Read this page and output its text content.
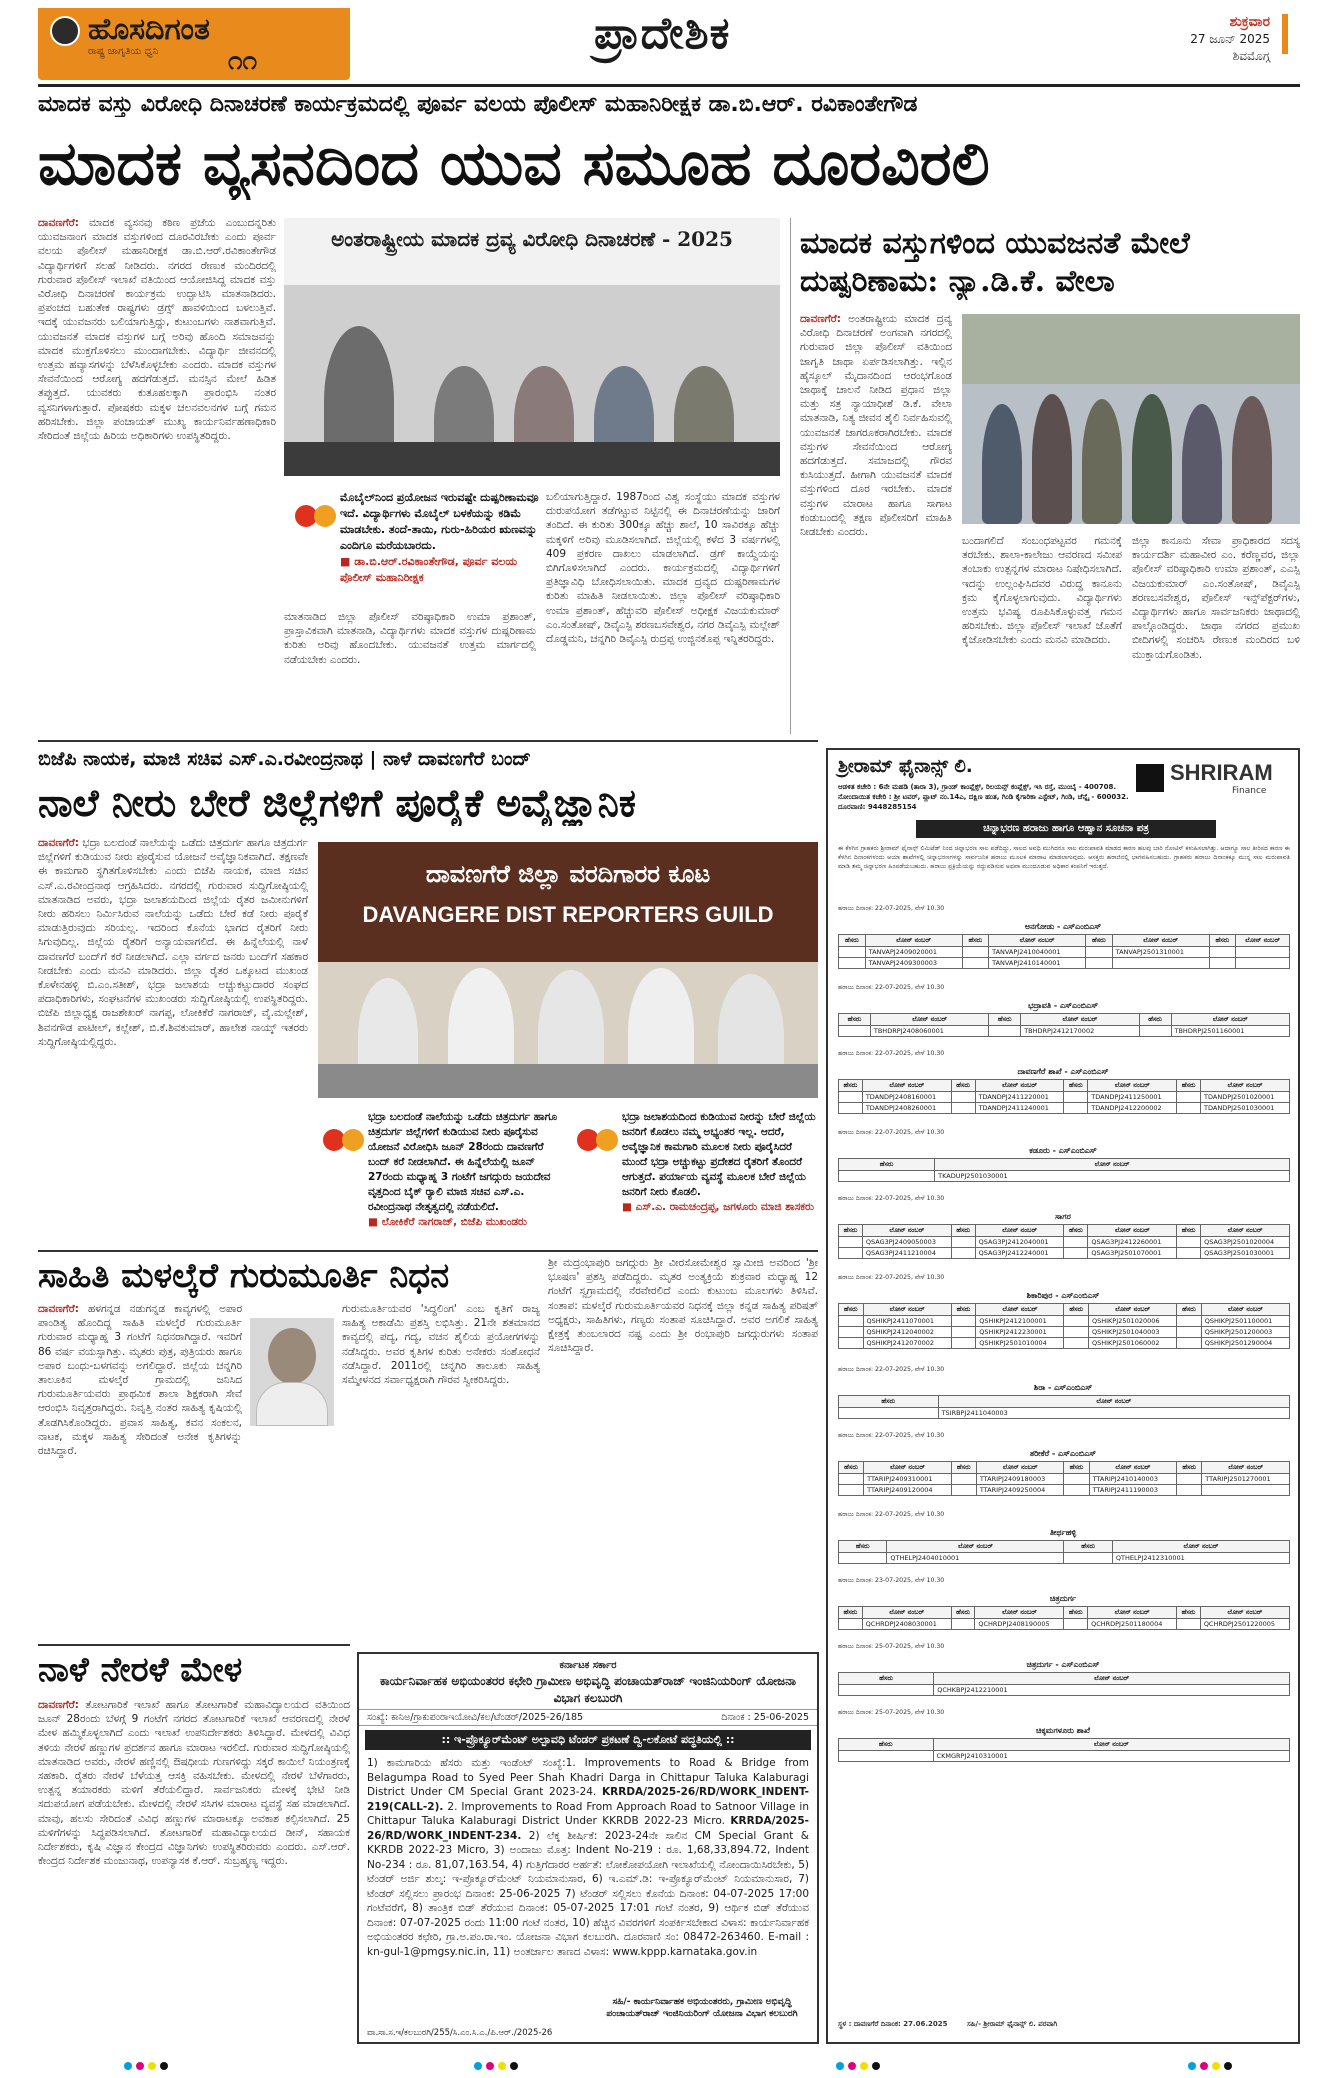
ಹೊಸದಿಗಂತ
ರಾಷ್ಟ್ರ ಜಾಗೃತಿಯ ಧ್ವನಿ	೧೧
ಪ್ರಾದೇಶಿಕ	ಶುಕ್ರವಾರ
27 ಜೂನ್ 2025
ಶಿವಮೊಗ್ಗ
ಮಾದಕ ವಸ್ತು ವಿರೋಧಿ ದಿನಾಚರಣೆ ಕಾರ್ಯಕ್ರಮದಲ್ಲಿ ಪೂರ್ವ ವಲಯ ಪೊಲೀಸ್ ಮಹಾನಿರೀಕ್ಷಕ ಡಾ.ಬಿ.ಆರ್. ರವಿಕಾಂತೇಗೌಡ
ಮಾದಕ ವ್ಯಸನದಿಂದ ಯುವ ಸಮೂಹ ದೂರವಿರಲಿ
ದಾವಣಗೆರೆ: ಮಾದಕ ವ್ಯಸನವು ಕಠಿಣ ಪ್ರಜೆಯ ಎಂಬುದನ್ನರಿತು ಯುವಜನಾಂಗ ಮಾದಕ ವಸ್ತುಗಳಿಂದ ದೂರವಿರಬೇಕು ಎಂದು ಪೂರ್ವ ವಲಯ ಪೊಲೀಸ್ ಮಹಾನಿರೀಕ್ಷಕ ಡಾ.ಬಿ.ಆರ್.ರವಿಕಾಂತೇಗೌಡ ವಿದ್ಯಾರ್ಥಿಗಳಿಗೆ ಸಲಹೆ ನೀಡಿದರು. ನಗರದ ರೇಣುಕ ಮಂದಿರದಲ್ಲಿ ಗುರುವಾರ ಪೊಲೀಸ್ ಇಲಾಖೆ ವತಿಯಿಂದ ಆಯೋಜಿಸಿದ್ದ ಮಾದಕ ವಸ್ತು ವಿರೋಧಿ ದಿನಾಚರಣೆ ಕಾರ್ಯಕ್ರಮ ಉದ್ಘಾಟಿಸಿ ಮಾತನಾಡಿದರು. ಪ್ರಪಂಚದ ಬಹುತೇಕ ರಾಷ್ಟ್ರಗಳು ಡ್ರಗ್ಸ್ ಹಾವಳಿಯಿಂದ ಬಳಲುತ್ತಿವೆ. ಇದಕ್ಕೆ ಯುವಜನರು ಬಲಿಯಾಗುತ್ತಿದ್ದು, ಕುಟುಂಬಗಳು ನಾಶವಾಗುತ್ತಿವೆ. ಯುವಜನತೆ ಮಾದಕ ವಸ್ತುಗಳ ಬಗ್ಗೆ ಅರಿವು ಹೊಂದಿ ಸಮಾಜವನ್ನು ಮಾದಕ ಮುಕ್ತಗೊಳಿಸಲು ಮುಂದಾಗಬೇಕು. ವಿದ್ಯಾರ್ಥಿ ಜೀವನದಲ್ಲಿ ಉತ್ತಮ ಹವ್ಯಾಸಗಳನ್ನು ಬೆಳೆಸಿಕೊಳ್ಳಬೇಕು ಎಂದರು. ಮಾದಕ ವಸ್ತುಗಳ ಸೇವನೆಯಿಂದ ಆರೋಗ್ಯ ಹದಗೆಡುತ್ತದೆ. ಮನಸ್ಸಿನ ಮೇಲೆ ಹಿಡಿತ ತಪ್ಪುತ್ತದೆ. ಯುವಕರು ಕುತೂಹಲಕ್ಕಾಗಿ ಪ್ರಾರಂಭಿಸಿ ನಂತರ ವ್ಯಸನಿಗಳಾಗುತ್ತಾರೆ. ಪೋಷಕರು ಮಕ್ಕಳ ಚಲನವಲನಗಳ ಬಗ್ಗೆ ಗಮನ ಹರಿಸಬೇಕು. ಜಿಲ್ಲಾ ಪಂಚಾಯತ್ ಮುಖ್ಯ ಕಾರ್ಯನಿರ್ವಹಣಾಧಿಕಾರಿ ಸೇರಿದಂತೆ ಜಿಲ್ಲೆಯ ಹಿರಿಯ ಅಧಿಕಾರಿಗಳು ಉಪಸ್ಥಿತರಿದ್ದರು.
ಅಂತರಾಷ್ಟ್ರೀಯ ಮಾದಕ ದ್ರವ್ಯ ವಿರೋಧಿ ದಿನಾಚರಣೆ - 2025
ಮೊಬೈಲ್‌ನಿಂದ ಪ್ರಯೋಜನ ಇರುವಷ್ಟೇ ದುಷ್ಪರಿಣಾಮವೂ ಇದೆ. ವಿದ್ಯಾರ್ಥಿಗಳು ಮೊಬೈಲ್ ಬಳಕೆಯನ್ನು ಕಡಿಮೆ ಮಾಡಬೇಕು. ತಂದೆ-ತಾಯಿ, ಗುರು-ಹಿರಿಯರ ಋಣವನ್ನು ಎಂದಿಗೂ ಮರೆಯಬಾರದು.
■ ಡಾ.ಬಿ.ಆರ್.ರವಿಕಾಂತೇಗೌಡ, ಪೂರ್ವ ವಲಯ ಪೊಲೀಸ್ ಮಹಾನಿರೀಕ್ಷಕ
ಮಾತನಾಡಿದ ಜಿಲ್ಲಾ ಪೊಲೀಸ್ ವರಿಷ್ಠಾಧಿಕಾರಿ ಉಮಾ ಪ್ರಶಾಂತ್, ಪ್ರಾಸ್ತಾವಿಕವಾಗಿ ಮಾತನಾಡಿ, ವಿದ್ಯಾರ್ಥಿಗಳು ಮಾದಕ ವಸ್ತುಗಳ ದುಷ್ಪರಿಣಾಮ ಕುರಿತು ಅರಿವು ಹೊಂದಬೇಕು. ಯುವಜನತೆ ಉತ್ತಮ ಮಾರ್ಗದಲ್ಲಿ ನಡೆಯಬೇಕು ಎಂದರು.
ಬಲಿಯಾಗುತ್ತಿದ್ದಾರೆ. 1987ರಿಂದ ವಿಶ್ವ ಸಂಸ್ಥೆಯು ಮಾದಕ ವಸ್ತುಗಳ ದುರುಪಯೋಗ ತಡೆಗಟ್ಟುವ ನಿಟ್ಟಿನಲ್ಲಿ ಈ ದಿನಾಚರಣೆಯನ್ನು ಜಾರಿಗೆ ತಂದಿದೆ. ಈ ಕುರಿತು 300ಕ್ಕೂ ಹೆಚ್ಚು ಶಾಲೆ, 10 ಸಾವಿರಕ್ಕೂ ಹೆಚ್ಚು ಮಕ್ಕಳಿಗೆ ಅರಿವು ಮೂಡಿಸಲಾಗಿದೆ. ಜಿಲ್ಲೆಯಲ್ಲಿ ಕಳೆದ 3 ವರ್ಷಗಳಲ್ಲಿ 409 ಪ್ರಕರಣ ದಾಖಲು ಮಾಡಲಾಗಿದೆ. ಡ್ರಗ್ ಕಾಯ್ದೆಯನ್ನು ಬಿಗಿಗೊಳಿಸಲಾಗಿದೆ ಎಂದರು. ಕಾರ್ಯಕ್ರಮದಲ್ಲಿ ವಿದ್ಯಾರ್ಥಿಗಳಿಗೆ ಪ್ರತಿಜ್ಞಾವಿಧಿ ಬೋಧಿಸಲಾಯಿತು. ಮಾದಕ ದ್ರವ್ಯದ ದುಷ್ಪರಿಣಾಮಗಳ ಕುರಿತು ಮಾಹಿತಿ ನೀಡಲಾಯಿತು. ಜಿಲ್ಲಾ ಪೊಲೀಸ್ ವರಿಷ್ಠಾಧಿಕಾರಿ ಉಮಾ ಪ್ರಶಾಂತ್, ಹೆಚ್ಚುವರಿ ಪೊಲೀಸ್ ಅಧೀಕ್ಷಕ ವಿಜಯಕುಮಾರ್ ಎಂ.ಸಂತೋಷ್, ಡಿವೈಎಸ್ಪಿ ಶರಣಬಸವೇಶ್ವರ, ನಗರ ಡಿವೈಎಸ್ಪಿ ಮಲ್ಲೇಶ್ ದೊಡ್ಡಮನಿ, ಚನ್ನಗಿರಿ ಡಿವೈಎಸ್ಪಿ ರುದ್ರಪ್ಪ ಉಜ್ಜಿನಕೊಪ್ಪ ಇನ್ನಿತರರಿದ್ದರು.
ಮಾದಕ ವಸ್ತುಗಳಿಂದ ಯುವಜನತೆ ಮೇಲೆ
ದುಷ್ಪರಿಣಾಮ: ನ್ಯಾ.ಡಿ.ಕೆ. ವೇಲಾ
ದಾವಣಗೆರೆ: ಅಂತರಾಷ್ಟ್ರೀಯ ಮಾದಕ ದ್ರವ್ಯ ವಿರೋಧಿ ದಿನಾಚರಣೆ ಅಂಗವಾಗಿ ನಗರದಲ್ಲಿ ಗುರುವಾರ ಜಿಲ್ಲಾ ಪೊಲೀಸ್ ವತಿಯಿಂದ ಜಾಗೃತಿ ಜಾಥಾ ಏರ್ಪಡಿಸಲಾಗಿತ್ತು. ಇಲ್ಲಿನ ಹೈಸ್ಕೂಲ್ ಮೈದಾನದಿಂದ ಆರಂಭಗೊಂಡ ಜಾಥಾಕ್ಕೆ ಚಾಲನೆ ನೀಡಿದ ಪ್ರಧಾನ ಜಿಲ್ಲಾ ಮತ್ತು ಸತ್ರ ನ್ಯಾಯಾಧೀಶೆ ಡಿ.ಕೆ. ವೇಲಾ ಮಾತನಾಡಿ, ನಿತ್ಯ ಜೀವನ ಶೈಲಿ ನಿರ್ವಹಿಸುವಲ್ಲಿ ಯುವಜನತೆ ಜಾಗರೂಕರಾಗಿರಬೇಕು. ಮಾದಕ ವಸ್ತುಗಳ ಸೇವನೆಯಿಂದ ಆರೋಗ್ಯ ಹದಗೆಡುತ್ತದೆ. ಸಮಾಜದಲ್ಲಿ ಗೌರವ ಕುಸಿಯುತ್ತದೆ. ಹೀಗಾಗಿ ಯುವಜನತೆ ಮಾದಕ ವಸ್ತುಗಳಿಂದ ದೂರ ಇರಬೇಕು. ಮಾದಕ ವಸ್ತುಗಳ ಮಾರಾಟ ಹಾಗೂ ಸಾಗಾಟ ಕಂಡುಬಂದಲ್ಲಿ ತಕ್ಷಣ ಪೊಲೀಸರಿಗೆ ಮಾಹಿತಿ ನೀಡಬೇಕು ಎಂದರು.
ಬಂದಾಗಲಿದೆ ಸಂಬಂಧಪಟ್ಟವರ ಗಮನಕ್ಕೆ ತರಬೇಕು. ಶಾಲಾ-ಕಾಲೇಜು ಆವರಣದ ಸಮೀಪ ತಂಬಾಕು ಉತ್ಪನ್ನಗಳ ಮಾರಾಟ ನಿಷೇಧಿಸಲಾಗಿದೆ. ಇದನ್ನು ಉಲ್ಲಂಘಿಸಿದವರ ವಿರುದ್ಧ ಕಾನೂನು ಕ್ರಮ ಕೈಗೊಳ್ಳಲಾಗುವುದು. ವಿದ್ಯಾರ್ಥಿಗಳು ಉತ್ತಮ ಭವಿಷ್ಯ ರೂಪಿಸಿಕೊಳ್ಳುವತ್ತ ಗಮನ ಹರಿಸಬೇಕು. ಜಿಲ್ಲಾ ಪೊಲೀಸ್ ಇಲಾಖೆ ಜೊತೆಗೆ ಕೈಜೋಡಿಸಬೇಕು ಎಂದು ಮನವಿ ಮಾಡಿದರು.
ಜಿಲ್ಲಾ ಕಾನೂನು ಸೇವಾ ಪ್ರಾಧಿಕಾರದ ಸದಸ್ಯ ಕಾರ್ಯದರ್ಶಿ ಮಹಾವೀರ ಎಂ. ಕರೆಣ್ಣವರ, ಜಿಲ್ಲಾ ಪೊಲೀಸ್ ವರಿಷ್ಠಾಧಿಕಾರಿ ಉಮಾ ಪ್ರಶಾಂತ್, ಎಎಸ್ಪಿ ವಿಜಯಕುಮಾರ್ ಎಂ.ಸಂತೋಷ್, ಡಿವೈಎಸ್ಪಿ ಶರಣಬಸವೇಶ್ವರ, ಪೊಲೀಸ್ ಇನ್ಸ್‌ಪೆಕ್ಟರ್‌ಗಳು, ವಿದ್ಯಾರ್ಥಿಗಳು ಹಾಗೂ ಸಾರ್ವಜನಿಕರು ಜಾಥಾದಲ್ಲಿ ಪಾಲ್ಗೊಂಡಿದ್ದರು. ಜಾಥಾ ನಗರದ ಪ್ರಮುಖ ಬೀದಿಗಳಲ್ಲಿ ಸಂಚರಿಸಿ ರೇಣುಕ ಮಂದಿರದ ಬಳಿ ಮುಕ್ತಾಯಗೊಂಡಿತು.
ಬಿಜೆಪಿ ನಾಯಕ, ಮಾಜಿ ಸಚಿವ ಎಸ್.ಎ.ರವೀಂದ್ರನಾಥ | ನಾಳೆ ದಾವಣಗೆರೆ ಬಂದ್
ನಾಲೆ ನೀರು ಬೇರೆ ಜಿಲ್ಲೆಗಳಿಗೆ ಪೂರೈಕೆ ಅವೈಜ್ಞಾನಿಕ
ದಾವಣಗೆರೆ: ಭದ್ರಾ ಬಲದಂಡೆ ನಾಲೆಯನ್ನು ಒಡೆದು ಚಿತ್ರದುರ್ಗ ಹಾಗೂ ಚಿತ್ರದುರ್ಗ ಜಿಲ್ಲೆಗಳಿಗೆ ಕುಡಿಯುವ ನೀರು ಪೂರೈಸುವ ಯೋಜನೆ ಅವೈಜ್ಞಾನಿಕವಾಗಿದೆ. ತಕ್ಷಣವೇ ಈ ಕಾಮಗಾರಿ ಸ್ಥಗಿತಗೊಳಿಸಬೇಕು ಎಂದು ಬಿಜೆಪಿ ನಾಯಕ, ಮಾಜಿ ಸಚಿವ ಎಸ್.ಎ.ರವೀಂದ್ರನಾಥ ಆಗ್ರಹಿಸಿದರು. ನಗರದಲ್ಲಿ ಗುರುವಾರ ಸುದ್ದಿಗೋಷ್ಠಿಯಲ್ಲಿ ಮಾತನಾಡಿದ ಅವರು, ಭದ್ರಾ ಜಲಾಶಯದಿಂದ ಜಿಲ್ಲೆಯ ರೈತರ ಜಮೀನುಗಳಿಗೆ ನೀರು ಹರಿಸಲು ನಿರ್ಮಿಸಿರುವ ನಾಲೆಯನ್ನು ಒಡೆದು ಬೇರೆ ಕಡೆ ನೀರು ಪೂರೈಕೆ ಮಾಡುತ್ತಿರುವುದು ಸರಿಯಲ್ಲ. ಇದರಿಂದ ಕೊನೆಯ ಭಾಗದ ರೈತರಿಗೆ ನೀರು ಸಿಗುವುದಿಲ್ಲ. ಜಿಲ್ಲೆಯ ರೈತರಿಗೆ ಅನ್ಯಾಯವಾಗಲಿದೆ. ಈ ಹಿನ್ನೆಲೆಯಲ್ಲಿ ನಾಳೆ ದಾವಣಗೆರೆ ಬಂದ್‌ಗೆ ಕರೆ ನೀಡಲಾಗಿದೆ. ಎಲ್ಲಾ ವರ್ಗದ ಜನರು ಬಂದ್‌ಗೆ ಸಹಕಾರ ನೀಡಬೇಕು ಎಂದು ಮನವಿ ಮಾಡಿದರು. ಜಿಲ್ಲಾ ರೈತರ ಒಕ್ಕೂಟದ ಮುಖಂಡ ಕೊಳೇನಹಳ್ಳಿ ಬಿ.ಎಂ.ಸತೀಶ್, ಭದ್ರಾ ಜಲಾಶಯ ಅಚ್ಚುಕಟ್ಟುದಾರರ ಸಂಘದ ಪದಾಧಿಕಾರಿಗಳು, ಸಂಘಟನೆಗಳ ಮುಖಂಡರು ಸುದ್ದಿಗೋಷ್ಠಿಯಲ್ಲಿ ಉಪಸ್ಥಿತರಿದ್ದರು. ಬಿಜೆಪಿ ಜಿಲ್ಲಾಧ್ಯಕ್ಷ ರಾಜಶೇಖರ್ ನಾಗಪ್ಪ, ಲೋಕಿಕೆರೆ ನಾಗರಾಜ್, ವೈ.ಮಲ್ಲೇಶ್, ಶಿವನಗೌಡ ಪಾಟೀಲ್, ಕಲ್ಲೇಶ್, ಬಿ.ಕೆ.ಶಿವಕುಮಾರ್, ಹಾಲೇಶ ನಾಯ್ಕ್ ಇತರರು ಸುದ್ದಿಗೋಷ್ಠಿಯಲ್ಲಿದ್ದರು.
ದಾವಣಗೆರೆ ಜಿಲ್ಲಾ ವರದಿಗಾರರ ಕೂಟ
DAVANGERE DIST REPORTERS GUILD
ಭದ್ರಾ ಬಲದಂಡೆ ನಾಲೆಯನ್ನು ಒಡೆದು ಚಿತ್ರದುರ್ಗ ಹಾಗೂ ಚಿತ್ರದುರ್ಗ ಜಿಲ್ಲೆಗಳಿಗೆ ಕುಡಿಯುವ ನೀರು ಪೂರೈಸುವ ಯೋಜನೆ ವಿರೋಧಿಸಿ ಜೂನ್ 28ರಂದು ದಾವಣಗೆರೆ ಬಂದ್ ಕರೆ ನೀಡಲಾಗಿದೆ. ಈ ಹಿನ್ನೆಲೆಯಲ್ಲಿ ಜೂನ್ 27ರಂದು ಮಧ್ಯಾಹ್ನ 3 ಗಂಟೆಗೆ ಜಗದ್ಗುರು ಜಯದೇವ ವೃತ್ತದಿಂದ ಬೈಕ್ ರ‍್ಯಾಲಿ ಮಾಜಿ ಸಚಿವ ಎಸ್.ಎ. ರವೀಂದ್ರನಾಥ ನೇತೃತ್ವದಲ್ಲಿ ನಡೆಯಲಿದೆ.
■ ಲೋಕಿಕೆರೆ ನಾಗರಾಜ್, ಬಿಜೆಪಿ ಮುಖಂಡರು
ಭದ್ರಾ ಜಲಾಶಯದಿಂದ ಕುಡಿಯುವ ನೀರನ್ನು ಬೇರೆ ಜಿಲ್ಲೆಯ ಜನರಿಗೆ ಕೊಡಲು ನಮ್ಮ ಅಭ್ಯಂತರ ಇಲ್ಲ. ಆದರೆ, ಅವೈಜ್ಞಾನಿಕ ಕಾಮಗಾರಿ ಮೂಲಕ ನೀರು ಪೂರೈಸಿದರೆ ಮುಂದೆ ಭದ್ರಾ ಅಚ್ಚುಕಟ್ಟು ಪ್ರದೇಶದ ರೈತರಿಗೆ ತೊಂದರೆ ಆಗುತ್ತದೆ. ಪರ್ಯಾಯ ವ್ಯವಸ್ಥೆ ಮೂಲಕ ಬೇರೆ ಜಿಲ್ಲೆಯ ಜನರಿಗೆ ನೀರು ಕೊಡಲಿ.
■ ಎಸ್.ಎ. ರಾಮಚಂದ್ರಪ್ಪ, ಜಗಳೂರು ಮಾಜಿ ಶಾಸಕರು
ಸಾಹಿತಿ ಮಳಲ್ಕೆರೆ ಗುರುಮೂರ್ತಿ ನಿಧನ
ದಾವಣಗೆರೆ: ಹಳಗನ್ನಡ ನಡುಗನ್ನಡ ಕಾವ್ಯಗಳಲ್ಲಿ ಅಪಾರ ಪಾಂಡಿತ್ಯ ಹೊಂದಿದ್ದ ಸಾಹಿತಿ ಮಳಲ್ಕೆರೆ ಗುರುಮೂರ್ತಿ ಗುರುವಾರ ಮಧ್ಯಾಹ್ನ 3 ಗಂಟೆಗೆ ನಿಧನರಾಗಿದ್ದಾರೆ. ಇವರಿಗೆ 86 ವರ್ಷ ವಯಸ್ಸಾಗಿತ್ತು. ಮೃತರು ಪುತ್ರ, ಪುತ್ರಿಯರು ಹಾಗೂ ಅಪಾರ ಬಂಧು-ಬಳಗವನ್ನು ಅಗಲಿದ್ದಾರೆ. ಜಿಲ್ಲೆಯ ಚನ್ನಗಿರಿ ತಾಲೂಕಿನ ಮಳಲ್ಕೆರೆ ಗ್ರಾಮದಲ್ಲಿ ಜನಿಸಿದ ಗುರುಮೂರ್ತಿಯವರು ಪ್ರಾಥಮಿಕ ಶಾಲಾ ಶಿಕ್ಷಕರಾಗಿ ಸೇವೆ ಆರಂಭಿಸಿ ನಿವೃತ್ತರಾಗಿದ್ದರು. ನಿವೃತ್ತಿ ನಂತರ ಸಾಹಿತ್ಯ ಕೃಷಿಯಲ್ಲಿ ತೊಡಗಿಸಿಕೊಂಡಿದ್ದರು. ಪ್ರವಾಸ ಸಾಹಿತ್ಯ, ಕವನ ಸಂಕಲನ, ನಾಟಕ, ಮಕ್ಕಳ ಸಾಹಿತ್ಯ ಸೇರಿದಂತೆ ಅನೇಕ ಕೃತಿಗಳನ್ನು ರಚಿಸಿದ್ದಾರೆ.
ಗುರುಮೂರ್ತಿಯವರ 'ಸಿದ್ಧಲಿಂಗ' ಎಂಬ ಕೃತಿಗೆ ರಾಜ್ಯ ಸಾಹಿತ್ಯ ಅಕಾಡೆಮಿ ಪ್ರಶಸ್ತಿ ಲಭಿಸಿತ್ತು. 21ನೇ ಶತಮಾನದ ಕಾವ್ಯದಲ್ಲಿ ಪದ್ಯ, ಗದ್ಯ, ವಚನ ಶೈಲಿಯ ಪ್ರಯೋಗಗಳನ್ನು ನಡೆಸಿದ್ದರು. ಅವರ ಕೃತಿಗಳ ಕುರಿತು ಅನೇಕರು ಸಂಶೋಧನೆ ನಡೆಸಿದ್ದಾರೆ. 2011ರಲ್ಲಿ ಚನ್ನಗಿರಿ ತಾಲೂಕು ಸಾಹಿತ್ಯ ಸಮ್ಮೇಳನದ ಸರ್ವಾಧ್ಯಕ್ಷರಾಗಿ ಗೌರವ ಸ್ವೀಕರಿಸಿದ್ದರು.
ಶ್ರೀ ಮದ್ರಂಭಾಪುರಿ ಜಗದ್ಗುರು ಶ್ರೀ ವೀರಸೋಮೇಶ್ವರ ಸ್ವಾಮೀಜಿ ಅವರಿಂದ 'ಶ್ರೀ ಭೂಷಣ' ಪ್ರಶಸ್ತಿ ಪಡೆದಿದ್ದರು. ಮೃತರ ಅಂತ್ಯಕ್ರಿಯೆ ಶುಕ್ರವಾರ ಮಧ್ಯಾಹ್ನ 12 ಗಂಟೆಗೆ ಸ್ವಗ್ರಾಮದಲ್ಲಿ ನೆರವೇರಲಿದೆ ಎಂದು ಕುಟುಂಬ ಮೂಲಗಳು ತಿಳಿಸಿವೆ. ಸಂತಾಪ: ಮಳಲ್ಕೆರೆ ಗುರುಮೂರ್ತಿಯವರ ನಿಧನಕ್ಕೆ ಜಿಲ್ಲಾ ಕನ್ನಡ ಸಾಹಿತ್ಯ ಪರಿಷತ್ ಅಧ್ಯಕ್ಷರು, ಸಾಹಿತಿಗಳು, ಗಣ್ಯರು ಸಂತಾಪ ಸೂಚಿಸಿದ್ದಾರೆ. ಅವರ ಅಗಲಿಕೆ ಸಾಹಿತ್ಯ ಕ್ಷೇತ್ರಕ್ಕೆ ತುಂಬಲಾರದ ನಷ್ಟ ಎಂದು ಶ್ರೀ ರಂಭಾಪುರಿ ಜಗದ್ಗುರುಗಳು ಸಂತಾಪ ಸೂಚಿಸಿದ್ದಾರೆ.
ನಾಳೆ ನೇರಳೆ ಮೇಳ
ದಾವಣಗೆರೆ: ತೋಟಗಾರಿಕೆ ಇಲಾಖೆ ಹಾಗೂ ತೋಟಗಾರಿಕೆ ಮಹಾವಿದ್ಯಾಲಯದ ವತಿಯಿಂದ ಜೂನ್ 28ರಂದು ಬೆಳಗ್ಗೆ 9 ಗಂಟೆಗೆ ನಗರದ ತೋಟಗಾರಿಕೆ ಇಲಾಖೆ ಆವರಣದಲ್ಲಿ ನೇರಳೆ ಮೇಳ ಹಮ್ಮಿಕೊಳ್ಳಲಾಗಿದೆ ಎಂದು ಇಲಾಖೆ ಉಪನಿರ್ದೇಶಕರು ತಿಳಿಸಿದ್ದಾರೆ. ಮೇಳದಲ್ಲಿ ವಿವಿಧ ತಳಿಯ ನೇರಳೆ ಹಣ್ಣುಗಳ ಪ್ರದರ್ಶನ ಹಾಗೂ ಮಾರಾಟ ಇರಲಿದೆ. ಗುರುವಾರ ಸುದ್ದಿಗೋಷ್ಠಿಯಲ್ಲಿ ಮಾತನಾಡಿದ ಅವರು, ನೇರಳೆ ಹಣ್ಣಿನಲ್ಲಿ ಔಷಧೀಯ ಗುಣಗಳಿದ್ದು ಸಕ್ಕರೆ ಕಾಯಿಲೆ ನಿಯಂತ್ರಣಕ್ಕೆ ಸಹಕಾರಿ. ರೈತರು ನೇರಳೆ ಬೆಳೆಯತ್ತ ಆಸಕ್ತಿ ವಹಿಸಬೇಕು. ಮೇಳದಲ್ಲಿ ನೇರಳೆ ಬೆಳೆಗಾರರು, ಉತ್ಪನ್ನ ತಯಾರಕರು ಮಳಿಗೆ ತೆರೆಯಲಿದ್ದಾರೆ. ಸಾರ್ವಜನಿಕರು ಮೇಳಕ್ಕೆ ಭೇಟಿ ನೀಡಿ ಸದುಪಯೋಗ ಪಡೆಯಬೇಕು. ಮೇಳದಲ್ಲಿ ನೇರಳೆ ಸಸಿಗಳ ಮಾರಾಟ ವ್ಯವಸ್ಥೆ ಸಹ ಮಾಡಲಾಗಿದೆ. ಮಾವು, ಹಲಸು ಸೇರಿದಂತೆ ವಿವಿಧ ಹಣ್ಣುಗಳ ಮಾರಾಟಕ್ಕೂ ಅವಕಾಶ ಕಲ್ಪಿಸಲಾಗಿದೆ. 25 ಮಳಿಗೆಗಳನ್ನು ಸಿದ್ಧಪಡಿಸಲಾಗಿದೆ. ತೋಟಗಾರಿಕೆ ಮಹಾವಿದ್ಯಾಲಯದ ಡೀನ್, ಸಹಾಯಕ ನಿರ್ದೇಶಕರು, ಕೃಷಿ ವಿಜ್ಞಾನ ಕೇಂದ್ರದ ವಿಜ್ಞಾನಿಗಳು ಉಪಸ್ಥಿತರಿರುವರು ಎಂದರು. ಎಸ್.ಆರ್. ಕೇಂದ್ರದ ನಿರ್ದೇಶಕ ಮಂಜುನಾಥ, ಉಪನ್ಯಾಸಕ ಕೆ.ಆರ್. ಸುಬ್ರಹ್ಮಣ್ಯ ಇದ್ದರು.
ಕರ್ನಾಟಕ ಸರ್ಕಾರ
ಕಾರ್ಯನಿರ್ವಾಹಕ ಅಭಿಯಂತರರ ಕಛೇರಿ ಗ್ರಾಮೀಣ ಅಭಿವೃದ್ಧಿ ಪಂಚಾಯತ್‌ರಾಜ್ ಇಂಜಿನಿಯರಿಂಗ್ ಯೋಜನಾ ವಿಭಾಗ ಕಲಬುರಗಿ
ಸಂಖ್ಯೆ: ಕಾನಿಅ/ಗ್ರಾಕುಪಂರಾಇಯೋವಿ/ಕಲ/ಟೆಂಡರ್/2025-26/185	ದಿನಾಂಕ : 25-06-2025
:: ಇ-ಪ್ರೊಕ್ಯೂರ್‌ಮೆಂಟ್ ಅಲ್ಪಾವಧಿ ಟೆಂಡರ್ ಪ್ರಕಟಣೆ ದ್ವಿ-ಲಕೋಟೆ ಪದ್ಧತಿಯಲ್ಲಿ ::
1) ಕಾಮಗಾರಿಯ ಹೆಸರು ಮತ್ತು ಇಂಡೆಂಟ್ ಸಂಖ್ಯೆ:1. Improvements to Road & Bridge from Belagumpa Road to Syed Peer Shah Khadri Darga in Chittapur Taluka Kalaburagi District Under CM Special Grant 2023-24. KRRDA/2025-26/RD/WORK_INDENT-219(CALL-2). 2. Improvements to Road From Approach Road to Satnoor Village in Chittapur Taluka Kalaburagi District Under KKRDB 2022-23 Micro. KRRDA/2025-26/RD/WORK_INDENT-234. 2) ಲೆಕ್ಕ ಶೀರ್ಷಿಕೆ: 2023-24ನೇ ಸಾಲಿನ CM Special Grant & KKRDB 2022-23 Micro, 3) ಅಂದಾಜು ಮೊತ್ತ: Indent No-219 : ರೂ. 1,68,33,894.72, Indent No-234 : ರೂ. 81,07,163.54, 4) ಗುತ್ತಿಗೆದಾರರ ಅರ್ಹತೆ: ಲೋಕೋಪಯೋಗಿ ಇಲಾಖೆಯಲ್ಲಿ ನೋಂದಾಯಿಸಿರಬೇಕು, 5) ಟೆಂಡರ್ ಅರ್ಜಿ ಶುಲ್ಕ: ಇ-ಪ್ರೊಕ್ಯೂರ್‌ಮೆಂಟ್ ನಿಯಮಾನುಸಾರ, 6) ಇ.ಎಮ್.ಡಿ: ಇ-ಪ್ರೊಕ್ಯೂರ್‌ಮೆಂಟ್ ನಿಯಮಾನುಸಾರ, 7) ಟೆಂಡರ್ ಸಲ್ಲಿಸಲು ಪ್ರಾರಂಭ ದಿನಾಂಕ: 25-06-2025 7) ಟೆಂಡರ್ ಸಲ್ಲಿಸಲು ಕೊನೆಯ ದಿನಾಂಕ: 04-07-2025 17:00 ಗಂಟೆವರೆಗೆ, 8) ತಾಂತ್ರಿಕ ಬಿಡ್ ತೆರೆಯುವ ದಿನಾಂಕ: 05-07-2025 17:01 ಗಂಟೆ ನಂತರ, 9) ಆರ್ಥಿಕ ಬಿಡ್ ತೆರೆಯುವ ದಿನಾಂಕ: 07-07-2025 ರಂದು 11:00 ಗಂಟೆ ನಂತರ, 10) ಹೆಚ್ಚಿನ ವಿವರಗಳಿಗೆ ಸಂಪರ್ಕಿಸಬೇಕಾದ ವಿಳಾಸ: ಕಾರ್ಯನಿರ್ವಾಹಕ ಅಭಿಯಂತರರ ಕಛೇರಿ, ಗ್ರಾ.ಅ.ಪಂ.ರಾ.ಇಂ. ಯೋಜನಾ ವಿಭಾಗ ಕಲಬುರಗಿ. ದೂರವಾಣಿ ಸಂ: 08472-263460. E-mail : kn-gul-1@pmgsy.nic.in, 11) ಅಂತರ್ಜಾಲ ತಾಣದ ವಿಳಾಸ: www.kppp.karnataka.gov.in
ಸಹಿ/- ಕಾರ್ಯನಿರ್ವಾಹಕ ಅಭಿಯಂತರರು, ಗ್ರಾಮೀಣ ಅಭಿವೃದ್ಧಿ
ಪಂಚಾಯತ್‌ರಾಜ್ ಇಂಜಿನಿಯರಿಂಗ್ ಯೋಜನಾ ವಿಭಾಗ ಕಲಬುರಗಿ
ವಾ.ಸಾ.ಸ.ಇ/ಕಲಬುರಗಿ/255/ಸಿ.ಎಂ.ಸಿ.ಎ./ಪಿ.ಆರ್./2025-26
ಶ್ರೀರಾಮ್ ಫೈನಾನ್ಸ್ ಲಿ.	SHRIRAM
Finance
ಆಡಳಿತ ಕಚೇರಿ : 6ನೇ ಮಹಡಿ (ತಾರಾ 3), ಗ್ರಾಂಡ್ ಕಾಂಪ್ಲೆಕ್ಸ್, ರಿಲಯನ್ಸ್ ಕಂಪ್ಲೆಕ್ಸ್, ಇಸಿ ರಸ್ತೆ, ಮುಂಬೈ - 400708. ನೋಂದಾಯಿತ ಕಚೇರಿ : ಶ್ರೀ ಟವರ್, ಪ್ಲಾಟ್ ನಂ.14ಎ, ದಕ್ಷಿಣ ಹಂತ, ಗಿಂಡಿ ಕೈಗಾರಿಕಾ ಎಸ್ಟೇಟ್, ಗಿಂಡಿ, ಚೆನ್ನೈ - 600032. ದೂರವಾಣಿ: 9448285154
ಚಿನ್ನಾಭರಣ ಹರಾಜು ಹಾಗೂ ಆಹ್ವಾನ ಸೂಚನಾ ಪತ್ರ
ಈ ಕೆಳಗಿನ ಗ್ರಾಹಕರು ಶ್ರೀರಾಮ್ ಫೈನಾನ್ಸ್ ಲಿಮಿಟೆಡ್ ನಿಂದ ಚಿನ್ನಾಭರಣ ಸಾಲ ಪಡೆದಿದ್ದು, ಸಾಲದ ಅವಧಿ ಮುಗಿದರೂ ಸಾಲ ಮರುಪಾವತಿ ಮಾಡದ ಕಾರಣ ಹಲವು ಬಾರಿ ನೋಟಿಸ್ ಕಳುಹಿಸಲಾಗಿತ್ತು. ಆದಾಗ್ಯೂ ಸಾಲ ತೀರಿಸದ ಕಾರಣ ಈ ಕೆಳಗಿನ ದಿನಾಂಕಗಳಂದು ಆಯಾ ಶಾಖೆಗಳಲ್ಲಿ ಚಿನ್ನಾಭರಣಗಳನ್ನು ಸಾರ್ವಜನಿಕ ಹರಾಜು ಮೂಲಕ ಮಾರಾಟ ಮಾಡಲಾಗುವುದು. ಆಸಕ್ತರು ಹರಾಜಿನಲ್ಲಿ ಭಾಗವಹಿಸಬಹುದು. ಗ್ರಾಹಕರು ಹರಾಜು ದಿನಾಂಕಕ್ಕೂ ಮುನ್ನ ಸಾಲ ಮರುಪಾವತಿ ಮಾಡಿ ತಮ್ಮ ಚಿನ್ನಾಭರಣ ಹಿಂಪಡೆಯಬಹುದು. ಹರಾಜು ಪ್ರಕ್ರಿಯೆಯನ್ನು ರದ್ದುಪಡಿಸುವ ಅಥವಾ ಮುಂದೂಡುವ ಅಧಿಕಾರ ಕಂಪನಿಗೆ ಇರುತ್ತದೆ.
ಹರಾಜು ದಿನಾಂಕ: 22-07-2025, ವೇಳೆ 10.30
ಅನಗೋಡು - ಎಸ್‌ಎಂಬಿಎಸ್
ಹೆಸರು	ಲೋನ್ ನಂಬರ್	ಹೆಸರು	ಲೋನ್ ನಂಬರ್	ಹೆಸರು	ಲೋನ್ ನಂಬರ್	ಹೆಸರು	ಲೋನ್ ನಂಬರ್
	TANVAPJ2409020001		TANVAPJ2410040001		TANVAPJ2501310001		
	TANVAPJ2409300003		TANVAPJ2410140001				
ಹರಾಜು ದಿನಾಂಕ: 22-07-2025, ವೇಳೆ 10.30
ಭದ್ರಾವತಿ - ಎಸ್‌ಎಂಬಿಎಸ್
ಹೆಸರು	ಲೋನ್ ನಂಬರ್	ಹೆಸರು	ಲೋನ್ ನಂಬರ್	ಹೆಸರು	ಲೋನ್ ನಂಬರ್
	TBHDRPJ2408060001		TBHDRPJ2412170002		TBHDRPJ2501160001
ಹರಾಜು ದಿನಾಂಕ: 22-07-2025, ವೇಳೆ 10.30
ದಾವಣಗೆರೆ ಶಾಖೆ - ಎಸ್‌ಎಂಬಿಎಸ್
ಹೆಸರು	ಲೋನ್ ನಂಬರ್	ಹೆಸರು	ಲೋನ್ ನಂಬರ್	ಹೆಸರು	ಲೋನ್ ನಂಬರ್	ಹೆಸರು	ಲೋನ್ ನಂಬರ್
	TDANDPJ2408160001		TDANDPJ2411220001		TDANDPJ2411250001		TDANDPJ2501020001
	TDANDPJ2408260001		TDANDPJ2411240001		TDANDPJ2412200002		TDANDPJ2501030001
ಹರಾಜು ದಿನಾಂಕ: 22-07-2025, ವೇಳೆ 10.30
ಕಡೂರು - ಎಸ್‌ಎಂಬಿಎಸ್
ಹೆಸರು	ಲೋನ್ ನಂಬರ್
	TKADUPJ2501030001
ಹರಾಜು ದಿನಾಂಕ: 22-07-2025, ವೇಳೆ 10.30
ಸಾಗರ
ಹೆಸರು	ಲೋನ್ ನಂಬರ್	ಹೆಸರು	ಲೋನ್ ನಂಬರ್	ಹೆಸರು	ಲೋನ್ ನಂಬರ್	ಹೆಸರು	ಲೋನ್ ನಂಬರ್
	QSAG3PJ2409050003		QSAG3PJ2412040001		QSAG3PJ2412260001		QSAG3PJ2501020004
	QSAG3PJ2411210004		QSAG3PJ2412240001		QSAG3PJ2501070001		QSAG3PJ2501030001
ಹರಾಜು ದಿನಾಂಕ: 22-07-2025, ವೇಳೆ 10.30
ಶಿಕಾರಿಪುರ - ಎಸ್‌ಎಂಬಿಎಸ್
ಹೆಸರು	ಲೋನ್ ನಂಬರ್	ಹೆಸರು	ಲೋನ್ ನಂಬರ್	ಹೆಸರು	ಲೋನ್ ನಂಬರ್	ಹೆಸರು	ಲೋನ್ ನಂಬರ್
	QSHIKPJ2411070001		QSHIKPJ2412100001		QSHIKPJ2501020006		QSHIKPJ2501100001
	QSHIKPJ2412040002		QSHIKPJ2412230001		QSHIKPJ2501040003		QSHIKPJ2501200003
	QSHIKPJ2412070002		QSHIKPJ2501010004		QSHIKPJ2501060002		QSHIKPJ2501290004
ಹರಾಜು ದಿನಾಂಕ: 22-07-2025, ವೇಳೆ 10.30
ಶಿರಾ - ಎಸ್‌ಎಂಬಿಎಸ್
ಹೆಸರು	ಲೋನ್ ನಂಬರ್
	TSIRBPJ2411040003
ಹರಾಜು ದಿನಾಂಕ: 22-07-2025, ವೇಳೆ 10.30
ತರೀಕೆರೆ - ಎಸ್‌ಎಂಬಿಎಸ್
ಹೆಸರು	ಲೋನ್ ನಂಬರ್	ಹೆಸರು	ಲೋನ್ ನಂಬರ್	ಹೆಸರು	ಲೋನ್ ನಂಬರ್	ಹೆಸರು	ಲೋನ್ ನಂಬರ್
	TTARIPJ2409310001		TTARIPJ2409180003		TTARIPJ2410140003		TTARIPJ2501270001
	TTARIPJ2409120004		TTARIPJ2409250004		TTARIPJ2411190003		
ಹರಾಜು ದಿನಾಂಕ: 22-07-2025, ವೇಳೆ 10.30
ತೀರ್ಥಹಳ್ಳಿ
ಹೆಸರು	ಲೋನ್ ನಂಬರ್	ಹೆಸರು	ಲೋನ್ ನಂಬರ್
	QTHELPJ2404010001		QTHELPJ2412310001
ಹರಾಜು ದಿನಾಂಕ: 23-07-2025, ವೇಳೆ 10.30
ಚಿತ್ರದುರ್ಗ
ಹೆಸರು	ಲೋನ್ ನಂಬರ್	ಹೆಸರು	ಲೋನ್ ನಂಬರ್	ಹೆಸರು	ಲೋನ್ ನಂಬರ್	ಹೆಸರು	ಲೋನ್ ನಂಬರ್
	QCHRDPJ2408030001		QCHRDPJ2408190005		QCHRDPJ2501180004		QCHRDPJ2501220005
ಹರಾಜು ದಿನಾಂಕ: 25-07-2025, ವೇಳೆ 10.30
ಚಿತ್ರದುರ್ಗ - ಎಸ್‌ಎಂಬಿಎಸ್
ಹೆಸರು	ಲೋನ್ ನಂಬರ್
	QCHKBPJ2412210001
ಹರಾಜು ದಿನಾಂಕ: 25-07-2025, ವೇಳೆ 10.30
ಚಿಕ್ಕಮಗಳೂರು ಶಾಖೆ
ಹೆಸರು	ಲೋನ್ ನಂಬರ್
	CKMGRPJ2410310001
ಸ್ಥಳ : ದಾವಣಗೆರೆ ದಿನಾಂಕ: 27.06.2025	ಸಹಿ/- ಶ್ರೀರಾಮ್ ಫೈನಾನ್ಸ್ ಲಿ. ಪರವಾಗಿ
